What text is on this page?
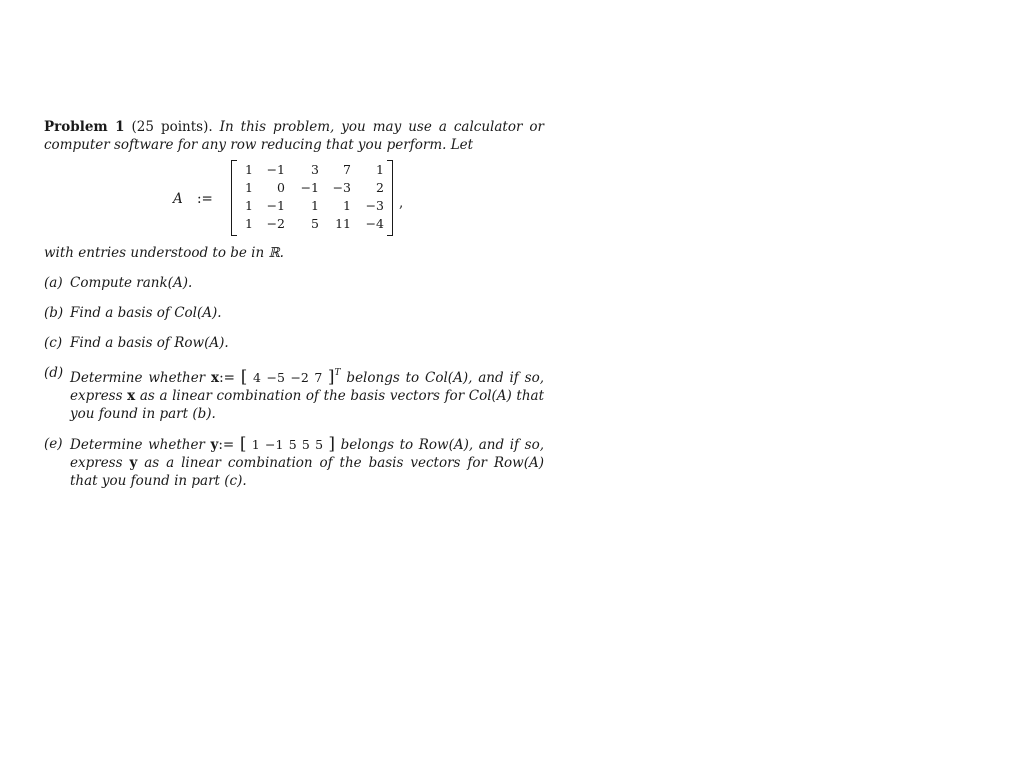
Problem 1 (25 points). In this problem, you may use a calculator or computer software for any row reducing that you perform. Let

A :=
1	−1	3	7	1
1	0	−1	−3	2
1	−1	1	1	−3
1	−2	5	11	−4
,

with entries understood to be in ℝ.

(a) Compute rank(A).
(b) Find a basis of Col(A).
(c) Find a basis of Row(A).
(d) Determine whether x:= [ 4 −5 −2 7 ]$^T$ belongs to Col(A), and if so, express x as a linear combination of the basis vectors for Col(A) that you found in part (b).
(e) Determine whether y:= [ 1 −1 5 5 5 ] belongs to Row(A), and if so, express y as a linear combination of the basis vectors for Row(A) that you found in part (c).
